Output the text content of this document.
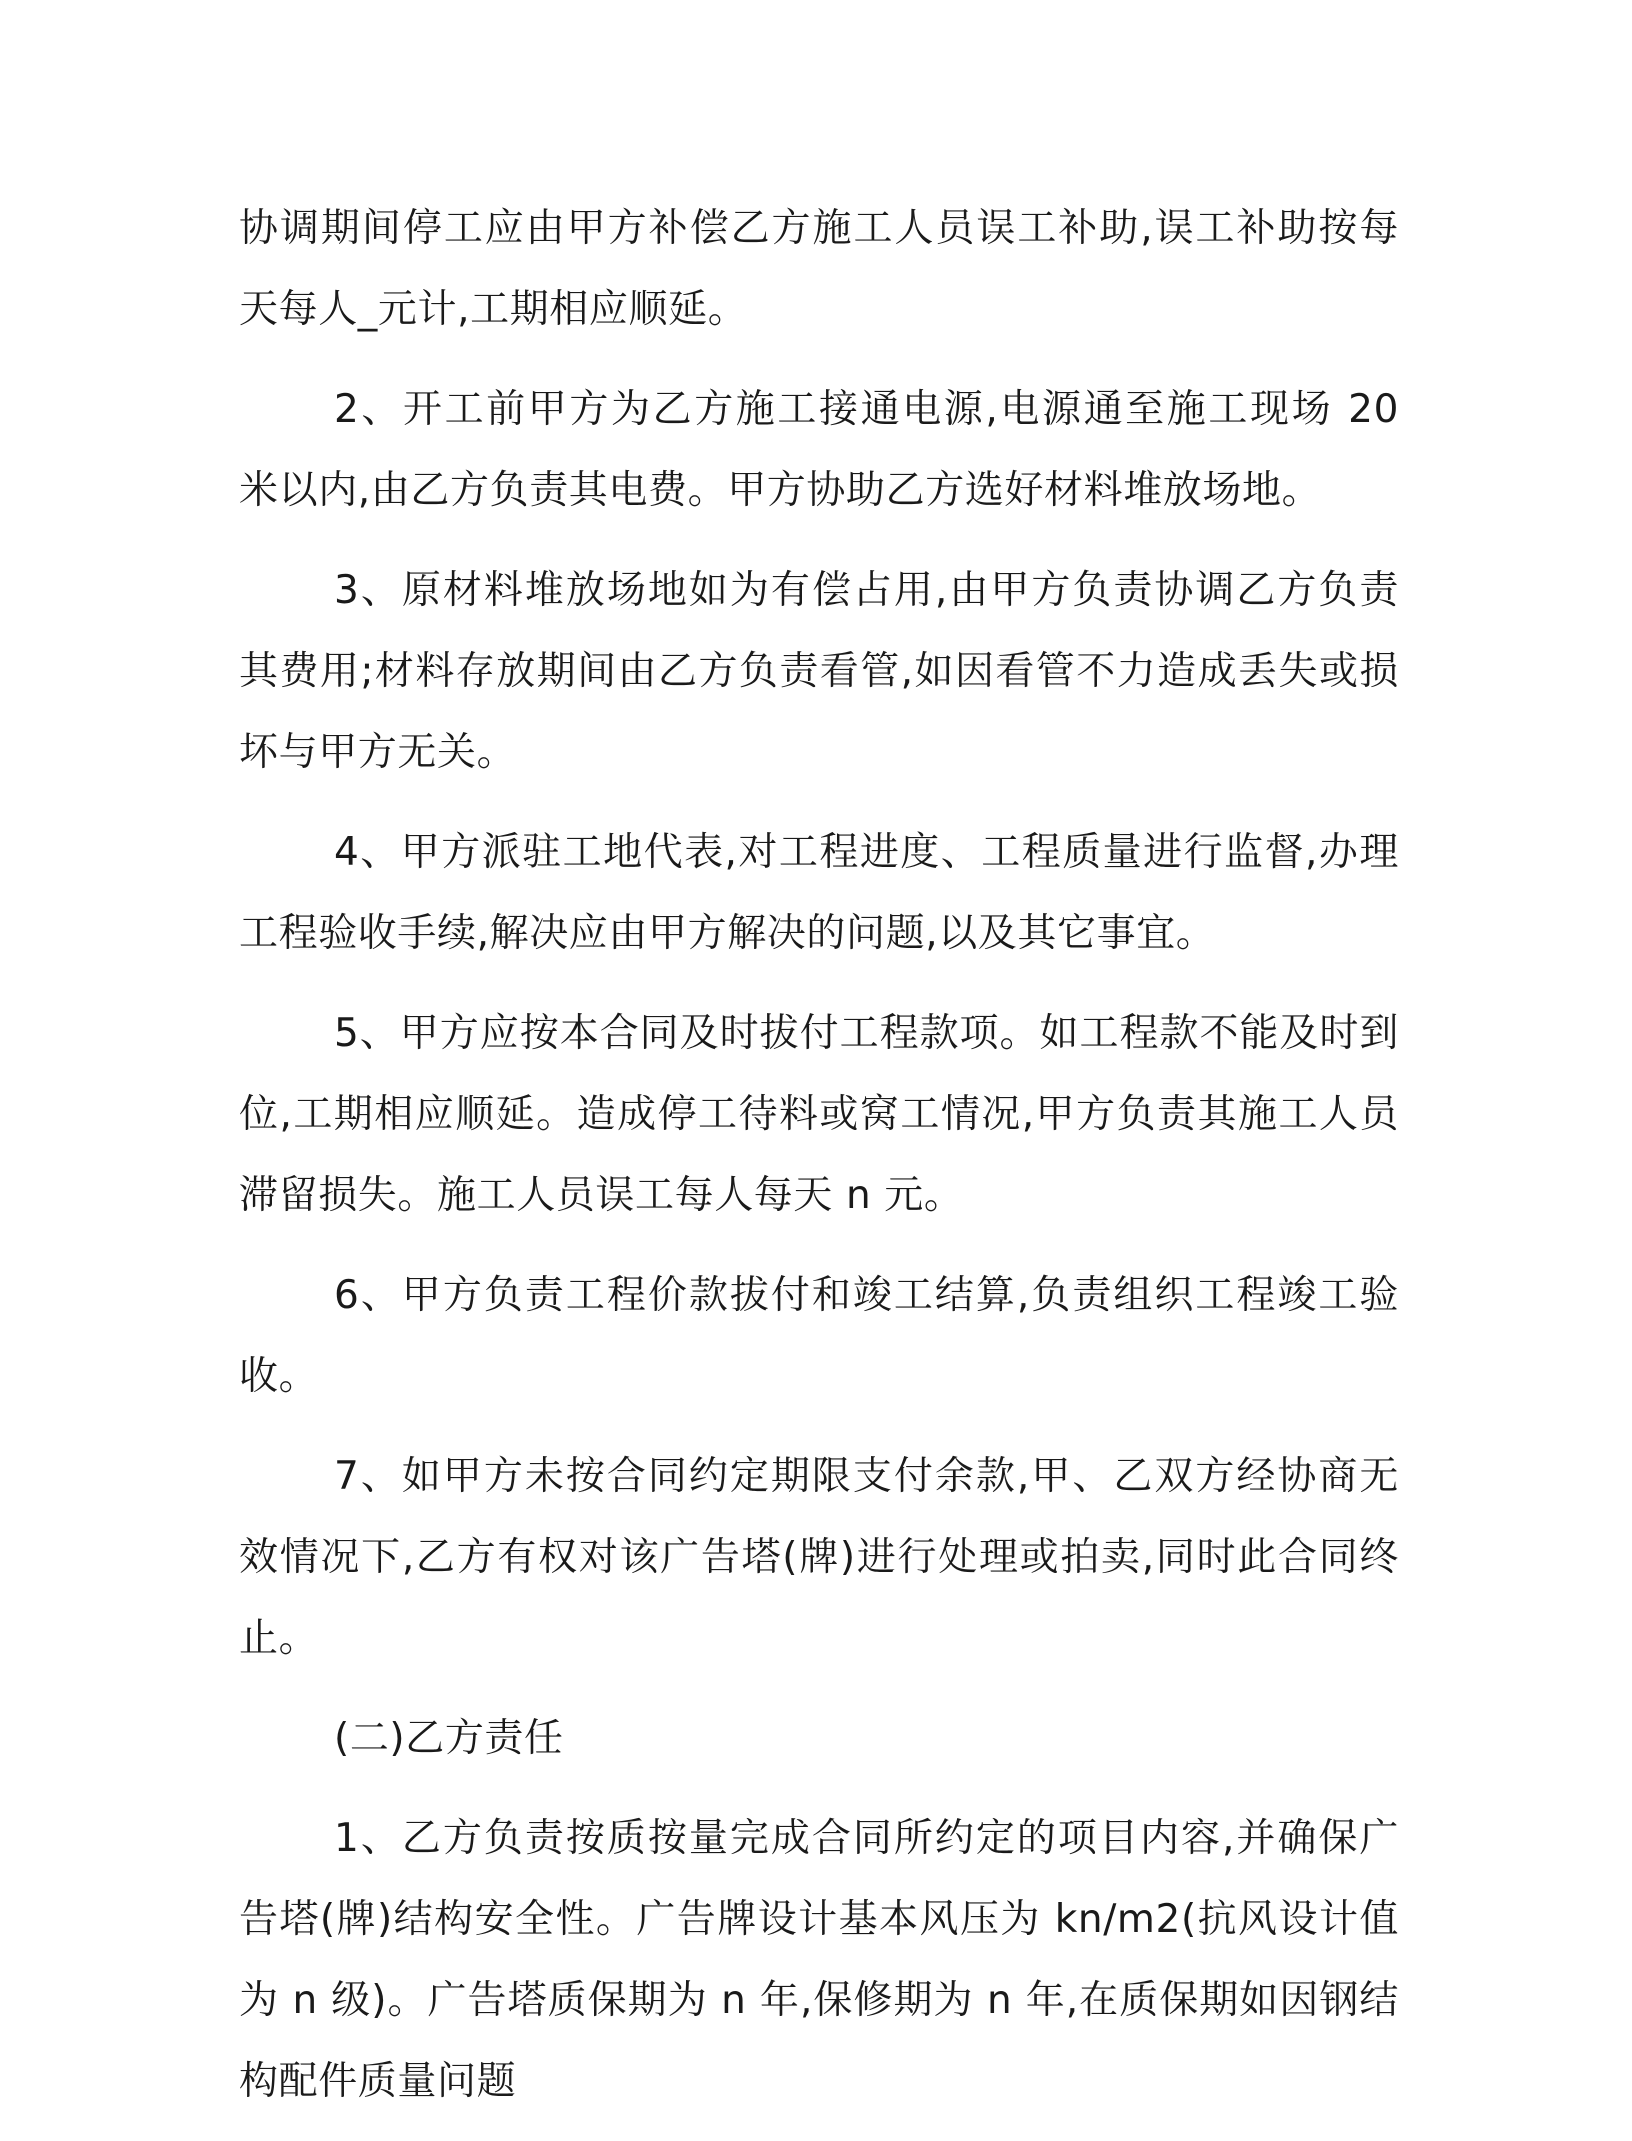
协调期间停工应由甲方补偿乙方施工人员误工补助,误工补助按每天每人_元计,工期相应顺延。

2、开工前甲方为乙方施工接通电源,电源通至施工现场 20 米以内,由乙方负责其电费。甲方协助乙方选好材料堆放场地。

3、原材料堆放场地如为有偿占用,由甲方负责协调乙方负责其费用;材料存放期间由乙方负责看管,如因看管不力造成丢失或损坏与甲方无关。

4、甲方派驻工地代表,对工程进度、工程质量进行监督,办理工程验收手续,解决应由甲方解决的问题,以及其它事宜。

5、甲方应按本合同及时拔付工程款项。如工程款不能及时到位,工期相应顺延。造成停工待料或窝工情况,甲方负责其施工人员滞留损失。施工人员误工每人每天 n 元。

6、甲方负责工程价款拔付和竣工结算,负责组织工程竣工验收。

7、如甲方未按合同约定期限支付余款,甲、乙双方经协商无效情况下,乙方有权对该广告塔(牌)进行处理或拍卖,同时此合同终止。

(二)乙方责任

1、乙方负责按质按量完成合同所约定的项目内容,并确保广告塔(牌)结构安全性。广告牌设计基本风压为 kn/m2(抗风设计值为 n 级)。广告塔质保期为 n 年,保修期为 n 年,在质保期如因钢结构配件质量问题
